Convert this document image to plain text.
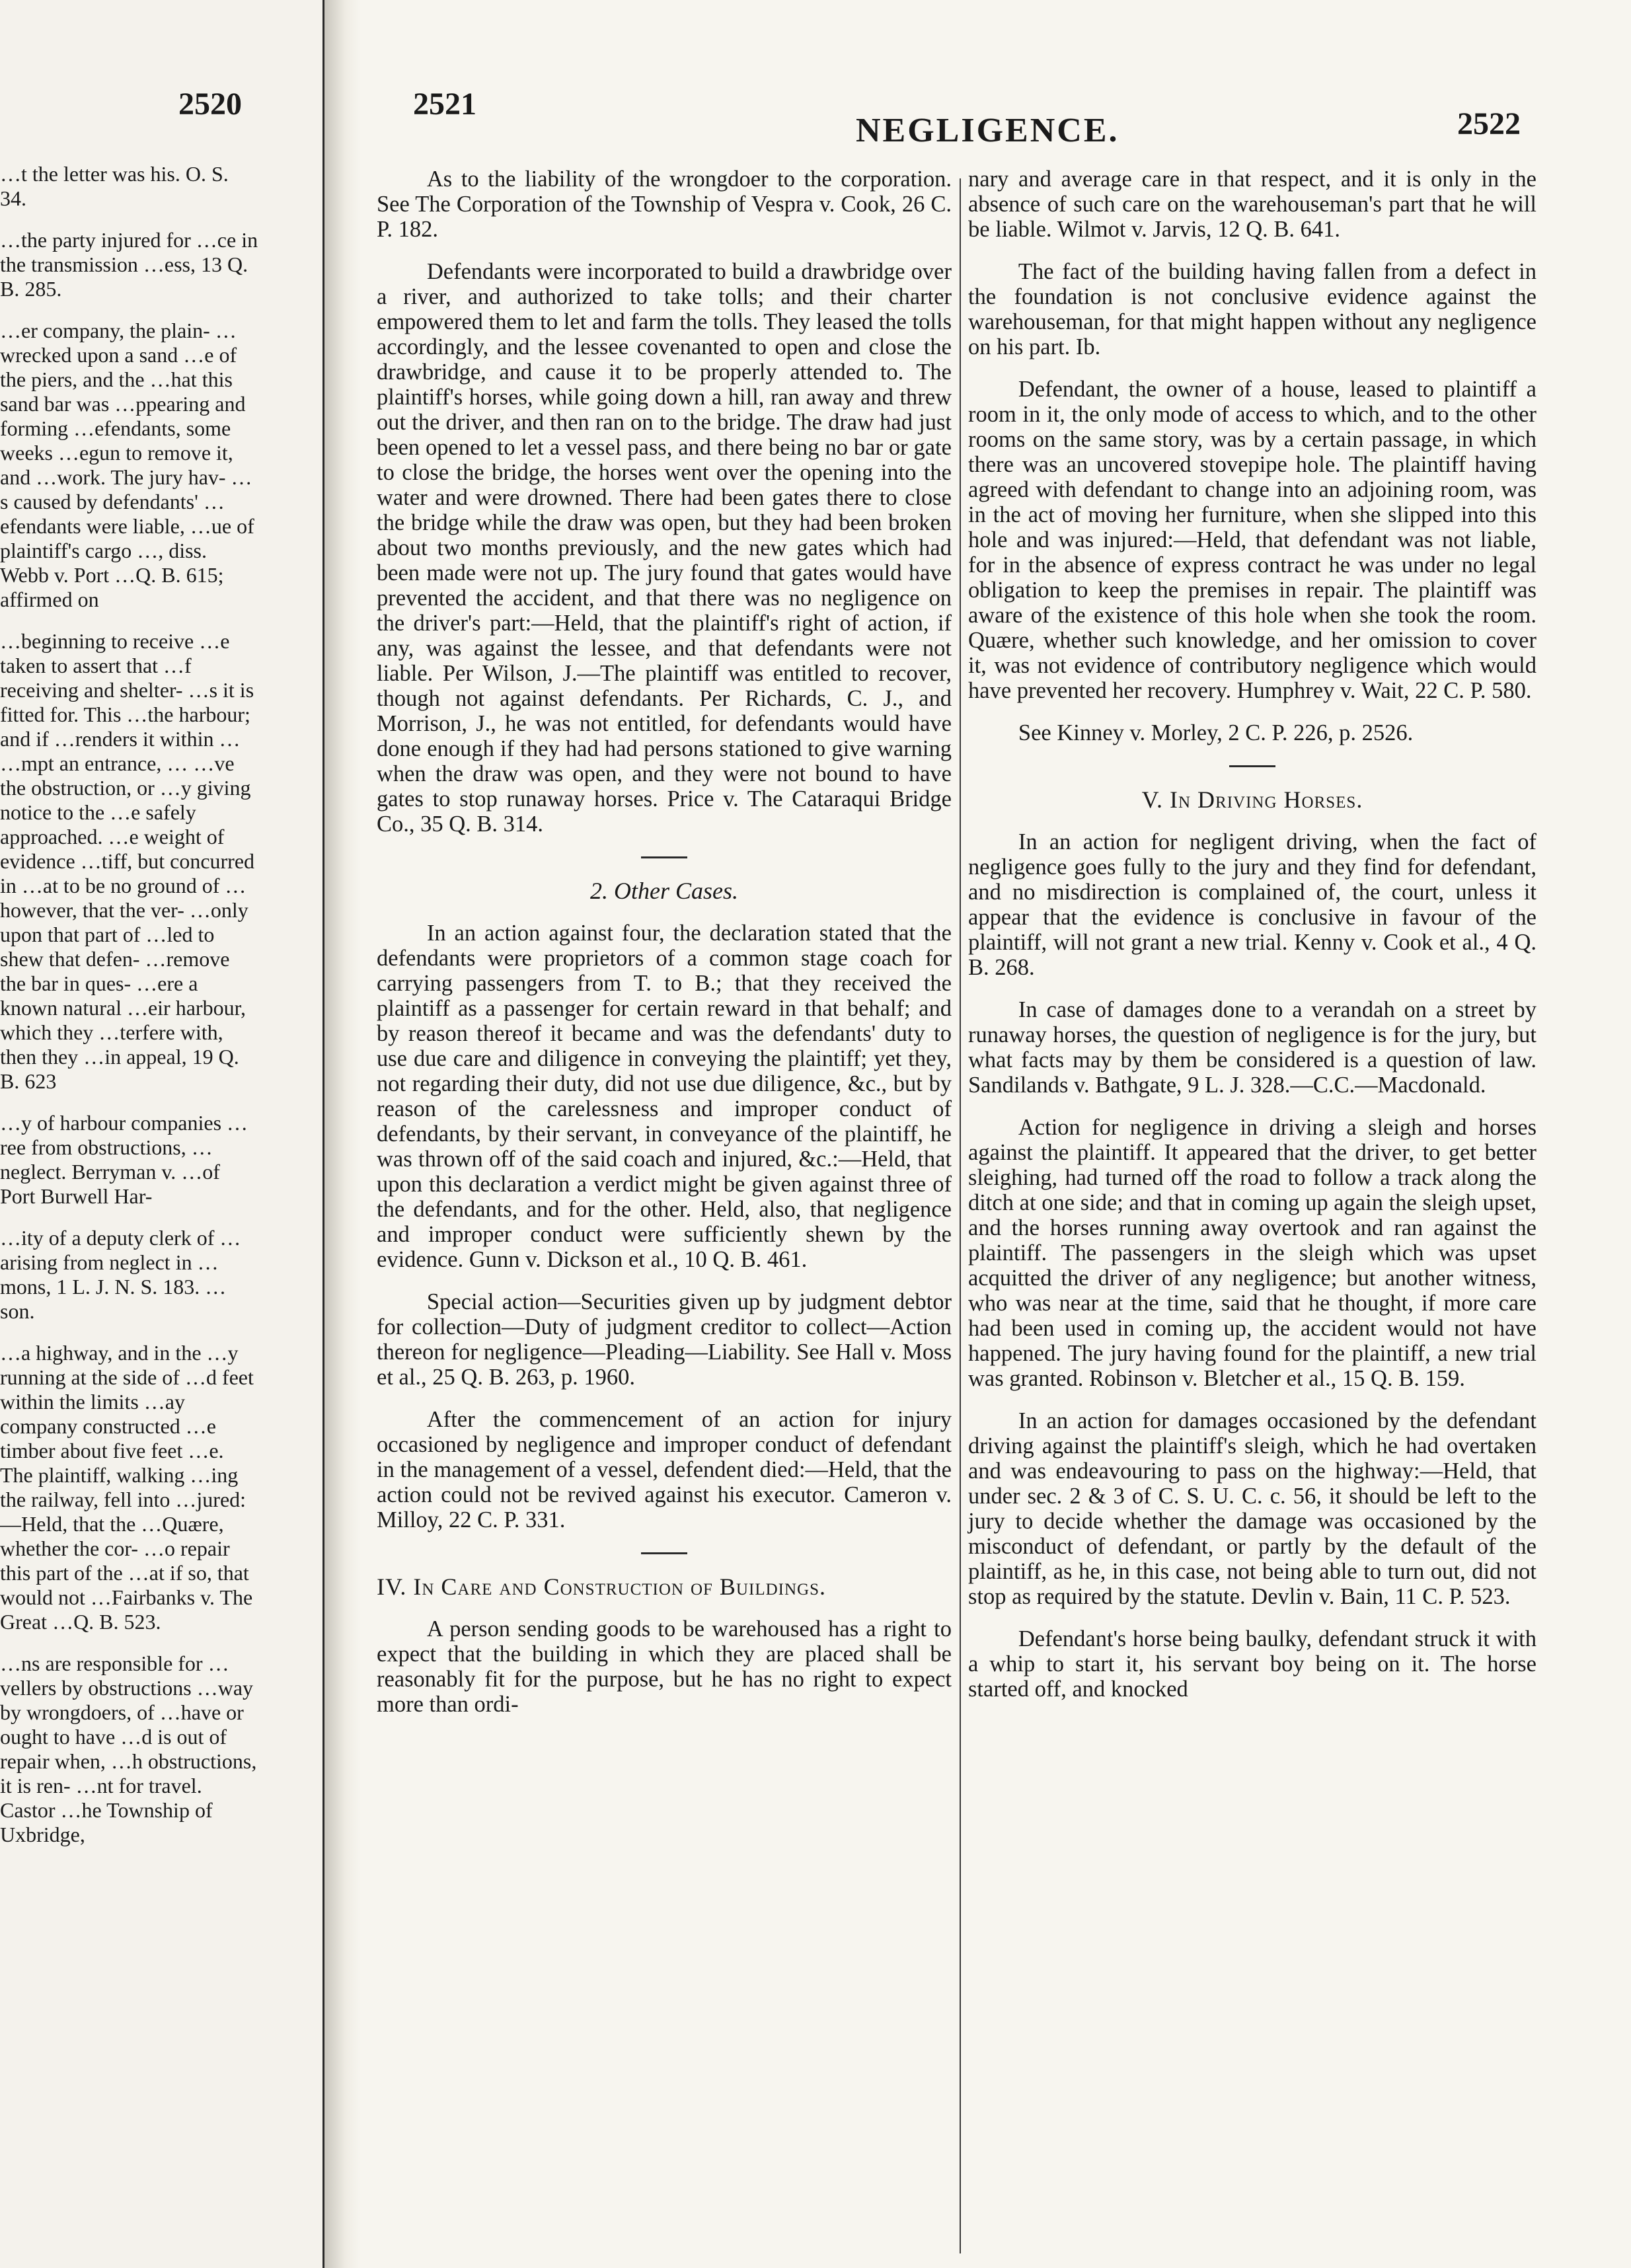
2520

…t the letter was his. O. S. 34.

…the party injured for …ce in the transmission …ess, 13 Q. B. 285.

…er company, the plain- …wrecked upon a sand …e of the piers, and the …hat this sand bar was …ppearing and forming …efendants, some weeks …egun to remove it, and …work. The jury hav- …s caused by defendants' …efendants were liable, …ue of plaintiff's cargo …, diss. Webb v. Port …Q. B. 615; affirmed on

…beginning to receive …e taken to assert that …f receiving and shelter- …s it is fitted for. This …the harbour; and if …renders it within … …mpt an entrance, … …ve the obstruction, or …y giving notice to the …e safely approached. …e weight of evidence …tiff, but concurred in …at to be no ground of …however, that the ver- …only upon that part of …led to shew that defen- …remove the bar in ques- …ere a known natural …eir harbour, which they …terfere with, then they …in appeal, 19 Q. B. 623

…y of harbour companies …ree from obstructions, …neglect. Berryman v. …of Port Burwell Har-

…ity of a deputy clerk of …arising from neglect in …mons, 1 L. J. N. S. 183. …son.

…a highway, and in the …y running at the side of …d feet within the limits …ay company constructed …e timber about five feet …e. The plaintiff, walking …ing the railway, fell into …jured:—Held, that the …Quære, whether the cor- …o repair this part of the …at if so, that would not …Fairbanks v. The Great …Q. B. 523.

…ns are responsible for …vellers by obstructions …way by wrongdoers, of …have or ought to have …d is out of repair when, …h obstructions, it is ren- …nt for travel. Castor …he Township of Uxbridge,

2521
NEGLIGENCE.	2522

As to the liability of the wrongdoer to the corporation. See The Corporation of the Township of Vespra v. Cook, 26 C. P. 182.

Defendants were incorporated to build a drawbridge over a river, and authorized to take tolls; and their charter empowered them to let and farm the tolls. They leased the tolls accordingly, and the lessee covenanted to open and close the drawbridge, and cause it to be properly attended to. The plaintiff's horses, while going down a hill, ran away and threw out the driver, and then ran on to the bridge. The draw had just been opened to let a vessel pass, and there being no bar or gate to close the bridge, the horses went over the opening into the water and were drowned. There had been gates there to close the bridge while the draw was open, but they had been broken about two months previously, and the new gates which had been made were not up. The jury found that gates would have prevented the accident, and that there was no negligence on the driver's part:—Held, that the plaintiff's right of action, if any, was against the lessee, and that defendants were not liable. Per Wilson, J.—The plaintiff was entitled to recover, though not against defendants. Per Richards, C. J., and Morrison, J., he was not entitled, for defendants would have done enough if they had had persons stationed to give warning when the draw was open, and they were not bound to have gates to stop runaway horses. Price v. The Cataraqui Bridge Co., 35 Q. B. 314.

2. Other Cases.

In an action against four, the declaration stated that the defendants were proprietors of a common stage coach for carrying passengers from T. to B.; that they received the plaintiff as a passenger for certain reward in that behalf; and by reason thereof it became and was the defendants' duty to use due care and diligence in conveying the plaintiff; yet they, not regarding their duty, did not use due diligence, &c., but by reason of the carelessness and improper conduct of defendants, by their servant, in conveyance of the plaintiff, he was thrown off of the said coach and injured, &c.:—Held, that upon this declaration a verdict might be given against three of the defendants, and for the other. Held, also, that negligence and improper conduct were sufficiently shewn by the evidence. Gunn v. Dickson et al., 10 Q. B. 461.

Special action—Securities given up by judgment debtor for collection—Duty of judgment creditor to collect—Action thereon for negligence—Pleading—Liability. See Hall v. Moss et al., 25 Q. B. 263, p. 1960.

After the commencement of an action for injury occasioned by negligence and improper conduct of defendant in the management of a vessel, defendent died:—Held, that the action could not be revived against his executor. Cameron v. Milloy, 22 C. P. 331.

IV. In Care and Construction of Buildings.

A person sending goods to be warehoused has a right to expect that the building in which they are placed shall be reasonably fit for the purpose, but he has no right to expect more than ordi-

nary and average care in that respect, and it is only in the absence of such care on the warehouseman's part that he will be liable. Wilmot v. Jarvis, 12 Q. B. 641.

The fact of the building having fallen from a defect in the foundation is not conclusive evidence against the warehouseman, for that might happen without any negligence on his part. Ib.

Defendant, the owner of a house, leased to plaintiff a room in it, the only mode of access to which, and to the other rooms on the same story, was by a certain passage, in which there was an uncovered stovepipe hole. The plaintiff having agreed with defendant to change into an adjoining room, was in the act of moving her furniture, when she slipped into this hole and was injured:—Held, that defendant was not liable, for in the absence of express contract he was under no legal obligation to keep the premises in repair. The plaintiff was aware of the existence of this hole when she took the room. Quære, whether such knowledge, and her omission to cover it, was not evidence of contributory negligence which would have prevented her recovery. Humphrey v. Wait, 22 C. P. 580.

See Kinney v. Morley, 2 C. P. 226, p. 2526.

V. In Driving Horses.

In an action for negligent driving, when the fact of negligence goes fully to the jury and they find for defendant, and no misdirection is complained of, the court, unless it appear that the evidence is conclusive in favour of the plaintiff, will not grant a new trial. Kenny v. Cook et al., 4 Q. B. 268.

In case of damages done to a verandah on a street by runaway horses, the question of negligence is for the jury, but what facts may by them be considered is a question of law. Sandilands v. Bathgate, 9 L. J. 328.—C.C.—Macdonald.

Action for negligence in driving a sleigh and horses against the plaintiff. It appeared that the driver, to get better sleighing, had turned off the road to follow a track along the ditch at one side; and that in coming up again the sleigh upset, and the horses running away overtook and ran against the plaintiff. The passengers in the sleigh which was upset acquitted the driver of any negligence; but another witness, who was near at the time, said that he thought, if more care had been used in coming up, the accident would not have happened. The jury having found for the plaintiff, a new trial was granted. Robinson v. Bletcher et al., 15 Q. B. 159.

In an action for damages occasioned by the defendant driving against the plaintiff's sleigh, which he had overtaken and was endeavouring to pass on the highway:—Held, that under sec. 2 & 3 of C. S. U. C. c. 56, it should be left to the jury to decide whether the damage was occasioned by the misconduct of defendant, or partly by the default of the plaintiff, as he, in this case, not being able to turn out, did not stop as required by the statute. Devlin v. Bain, 11 C. P. 523.

Defendant's horse being baulky, defendant struck it with a whip to start it, his servant boy being on it. The horse started off, and knocked
